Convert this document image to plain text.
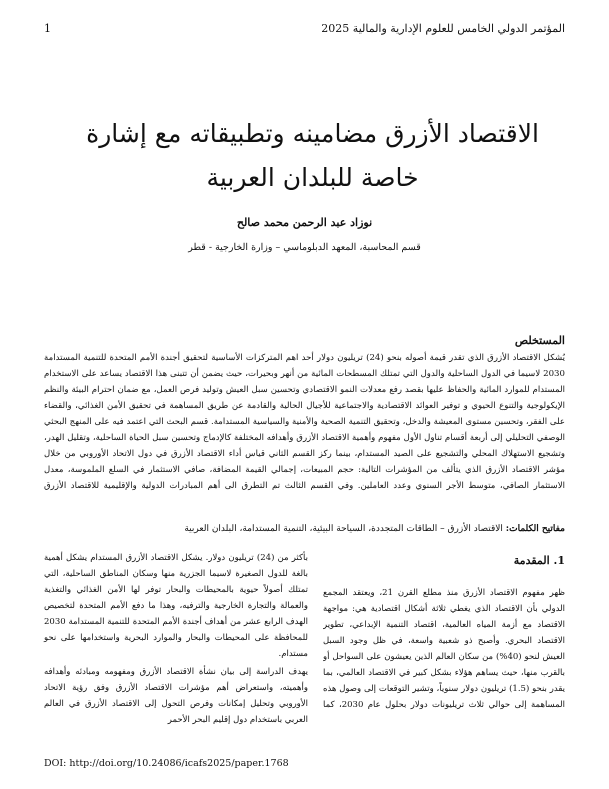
1	المؤتمر الدولي الخامس للعلوم الإدارية والمالية 2025
الاقتصاد الأزرق مضامينه وتطبيقاته مع إشارة خاصة للبلدان العربية
نوزاد عبد الرحمن محمد صالح
قسم المحاسبة، المعهد الدبلوماسي – وزارة الخارجية - قطر
المستخلص
يُشكل الاقتصاد الأزرق الذي تقدر قيمة أصوله بنحو (24) تريليون دولار أحد اهم المتركزات الأساسية لتحقيق أجندة الأمم المتحدة للتنمية المستدامة 2030 لاسيما في الدول الساحلية والدول التي تمتلك المسطحات المائية من أنهر وبحيرات، حيث يضمن أن تتبنى هذا الاقتصاد يساعد على الاستخدام المستدام للموارد المائية والحفاظ عليها بقصد رفع معدلات النمو الاقتصادي وتحسين سبل العيش وتوليد فرص العمل، مع ضمان احترام البيئة والنظم الإيكولوجية والتنوع الحيوي و توفير العوائد الاقتصادية والاجتماعية للأجيال الحالية والقادمة عن طريق المساهمة في تحقيق الأمن الغذائي، والقضاء على الفقر، وتحسين مستوى المعيشة والدخل، وتحقيق التنمية الصحية والأمنية والسياسية المستدامة. قسم البحث التي اعتمد فيه على المنهج البحثي الوصفي التحليلي إلى أربعة أقسام تناول الأول مفهوم وأهمية الاقتصاد الأزرق وأهدافه المختلفة كالإدماج وتحسين سبل الحياة الساحلية، وتقليل الهدر، وتشجيع الاستهلاك المحلي والتشجيع على الصيد المستدام، بينما ركز القسم الثاني قياس أداء الاقتصاد الأزرق في دول الاتحاد الأوروبي من خلال مؤشر الاقتصاد الأزرق الذي يتألف من المؤشرات التالية: حجم المبيعات، إجمالي القيمة المضافة، صافي الاستثمار في السلع الملموسة، معدل الاستثمار الصافي، متوسط الأجر السنوي وعدد العاملين. وفي القسم الثالث تم التطرق الى أهم المبادرات الدولية والإقليمية للاقتصاد الأزرق
مفاتيح الكلمات: الاقتصاد الأزرق – الطاقات المتجددة، السياحة البيئية، التنمية المستدامة، البلدان العربية
1. المقدمة
ظهر مفهوم الاقتصاد الأزرق منذ مطلع القرن 21، ويعتقد المجمع الدولي بأن الاقتصاد الذي يغطي ثلاثة أشكال اقتصادية هي: مواجهة الاقتصاد مع أزمة المياه العالمية، اقتصاد التنمية الإبداعي، تطوير الاقتصاد البحري. وأصبح ذو شعبية واسعة، في ظل وجود السبل العيش لنحو (40%) من سكان العالم الذين يعيشون على السواحل أو بالقرب منها، حيث يساهم هؤلاء بشكل كبير في الاقتصاد العالمي، بما يقدر بنحو (1.5) تريليون دولار سنوياً، وتشير التوقعات إلى وصول هذه المساهمة إلى حوالي ثلاث تريليونات دولار بحلول عام 2030، كما

بأكثر من (24) تريليون دولار. يشكل الاقتصاد الأزرق المستدام يشكل أهمية بالغة للدول الصغيرة لاسيما الجزرية منها وسكان المناطق الساحلية، التي تمتلك أصولاً حيوية بالمحيطات والبحار توفر لها الأمن الغذائي والتغذية والعمالة والتجارة الخارجية والترفيه، وهذا ما دفع الأمم المتحدة لتخصيص الهدف الرابع عشر من أهداف أجندة الأمم المتحدة للتنمية المستدامة 2030 للمحافظة على المحيطات والبحار والموارد البحرية واستخدامها على نحو مستدام.

يهدف الدراسة إلى بيان نشأة الاقتصاد الأزرق ومفهومه ومبادئه وأهدافه وأهميته، واستعراض أهم مؤشرات الاقتصاد الأزرق وفق رؤية الاتحاد الأوروبي وتحليل إمكانات وفرص التحول إلى الاقتصاد الأزرق في العالم العربي باستخدام دول إقليم البحر الأحمر

DOI: http://doi.org/10.24086/icafs2025/paper.1768
